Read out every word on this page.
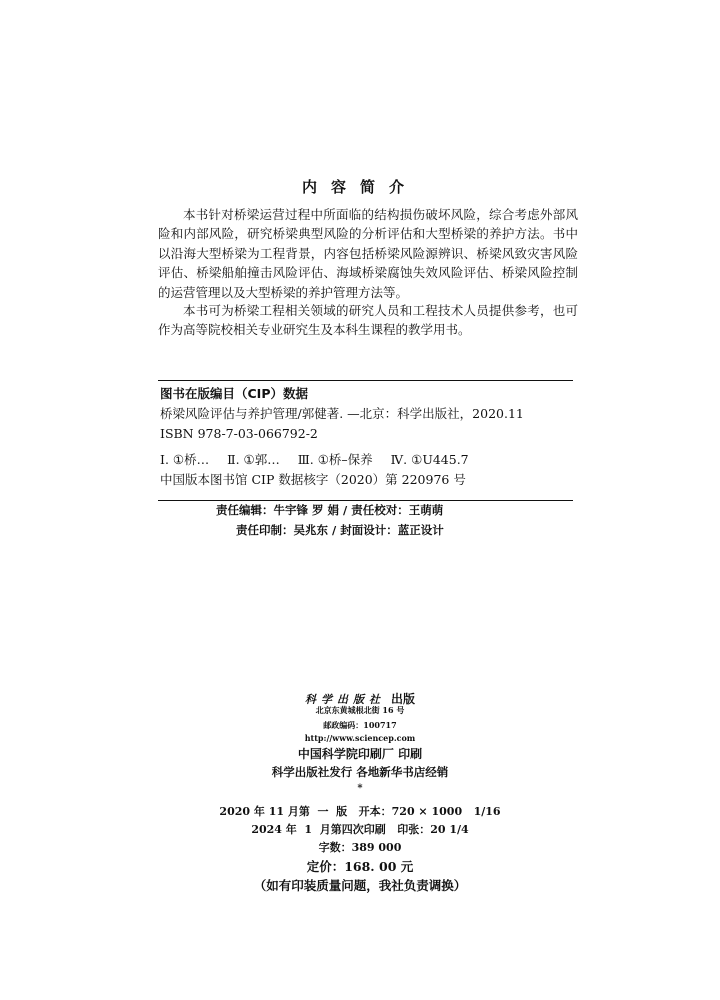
内容简介

本书针对桥梁运营过程中所面临的结构损伤破坏风险，综合考虑外部风险和内部风险，研究桥梁典型风险的分析评估和大型桥梁的养护方法。书中以沿海大型桥梁为工程背景，内容包括桥梁风险源辨识、桥梁风致灾害风险评估、桥梁船舶撞击风险评估、海域桥梁腐蚀失效风险评估、桥梁风险控制的运营管理以及大型桥梁的养护管理方法等。

本书可为桥梁工程相关领域的研究人员和工程技术人员提供参考，也可作为高等院校相关专业研究生及本科生课程的教学用书。

图书在版编目（CIP）数据
桥梁风险评估与养护管理/郭健著. —北京：科学出版社，2020.11
ISBN 978-7-03-066792-2
Ⅰ. ①桥… Ⅱ. ①郭… Ⅲ. ①桥–保养 Ⅳ. ①U445.7
中国版本图书馆 CIP 数据核字（2020）第 220976 号
责任编辑：牛宇锋 罗 娟 / 责任校对：王萌萌
责任印制：吴兆东 / 封面设计：蓝正设计
科学出版社 出版
北京东黄城根北街 16 号
邮政编码：100717
http://www.sciencep.com
中国科学院印刷厂 印刷
科学出版社发行 各地新华书店经销
*
2020 年 11 月第  一  版   开本：720 × 1000   1/16
2024 年  1  月第四次印刷   印张：20 1/4
字数：389 000
定价：168. 00 元
（如有印装质量问题，我社负责调换）
